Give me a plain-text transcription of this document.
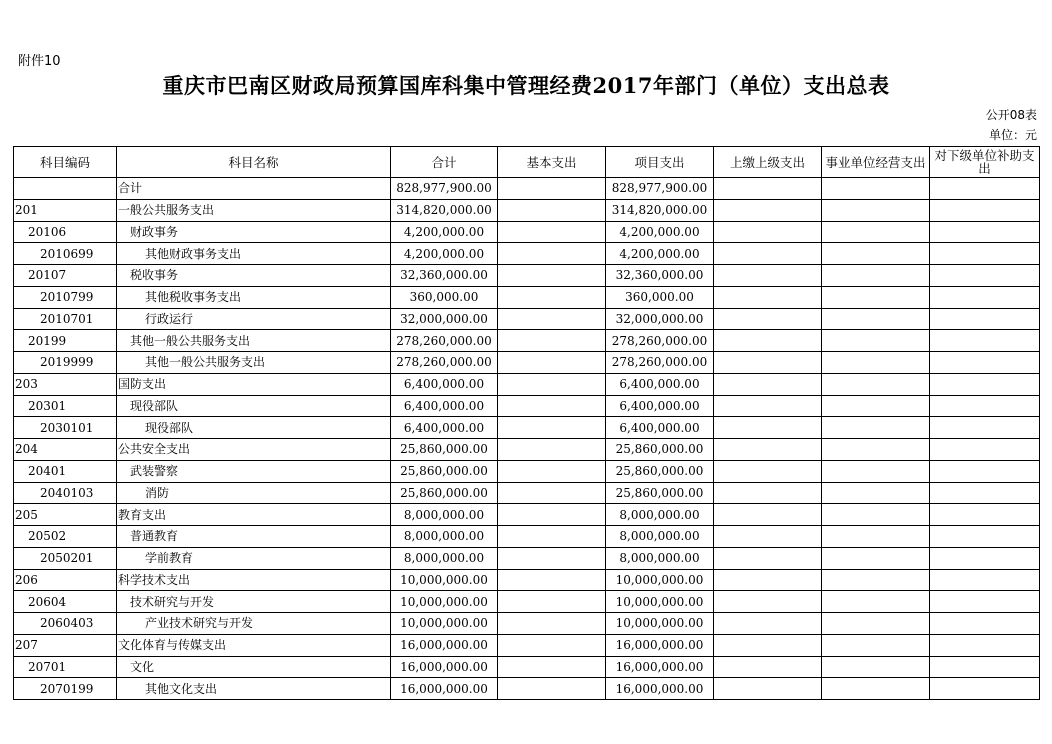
附件10
重庆市巴南区财政局预算国库科集中管理经费2017年部门（单位）支出总表
公开08表
单位：元
科目编码	科目名称	合计	基本支出	项目支出	上缴上级支出	事业单位经营支出	对下级单位补助支出
	合计	828,977,900.00		828,977,900.00			
201	一般公共服务支出	314,820,000.00		314,820,000.00			
20106	财政事务	4,200,000.00		4,200,000.00			
2010699	其他财政事务支出	4,200,000.00		4,200,000.00			
20107	税收事务	32,360,000.00		32,360,000.00			
2010799	其他税收事务支出	360,000.00		360,000.00			
2010701	行政运行	32,000,000.00		32,000,000.00			
20199	其他一般公共服务支出	278,260,000.00		278,260,000.00			
2019999	其他一般公共服务支出	278,260,000.00		278,260,000.00			
203	国防支出	6,400,000.00		6,400,000.00			
20301	现役部队	6,400,000.00		6,400,000.00			
2030101	现役部队	6,400,000.00		6,400,000.00			
204	公共安全支出	25,860,000.00		25,860,000.00			
20401	武装警察	25,860,000.00		25,860,000.00			
2040103	消防	25,860,000.00		25,860,000.00			
205	教育支出	8,000,000.00		8,000,000.00			
20502	普通教育	8,000,000.00		8,000,000.00			
2050201	学前教育	8,000,000.00		8,000,000.00			
206	科学技术支出	10,000,000.00		10,000,000.00			
20604	技术研究与开发	10,000,000.00		10,000,000.00			
2060403	产业技术研究与开发	10,000,000.00		10,000,000.00			
207	文化体育与传媒支出	16,000,000.00		16,000,000.00			
20701	文化	16,000,000.00		16,000,000.00			
2070199	其他文化支出	16,000,000.00		16,000,000.00			
